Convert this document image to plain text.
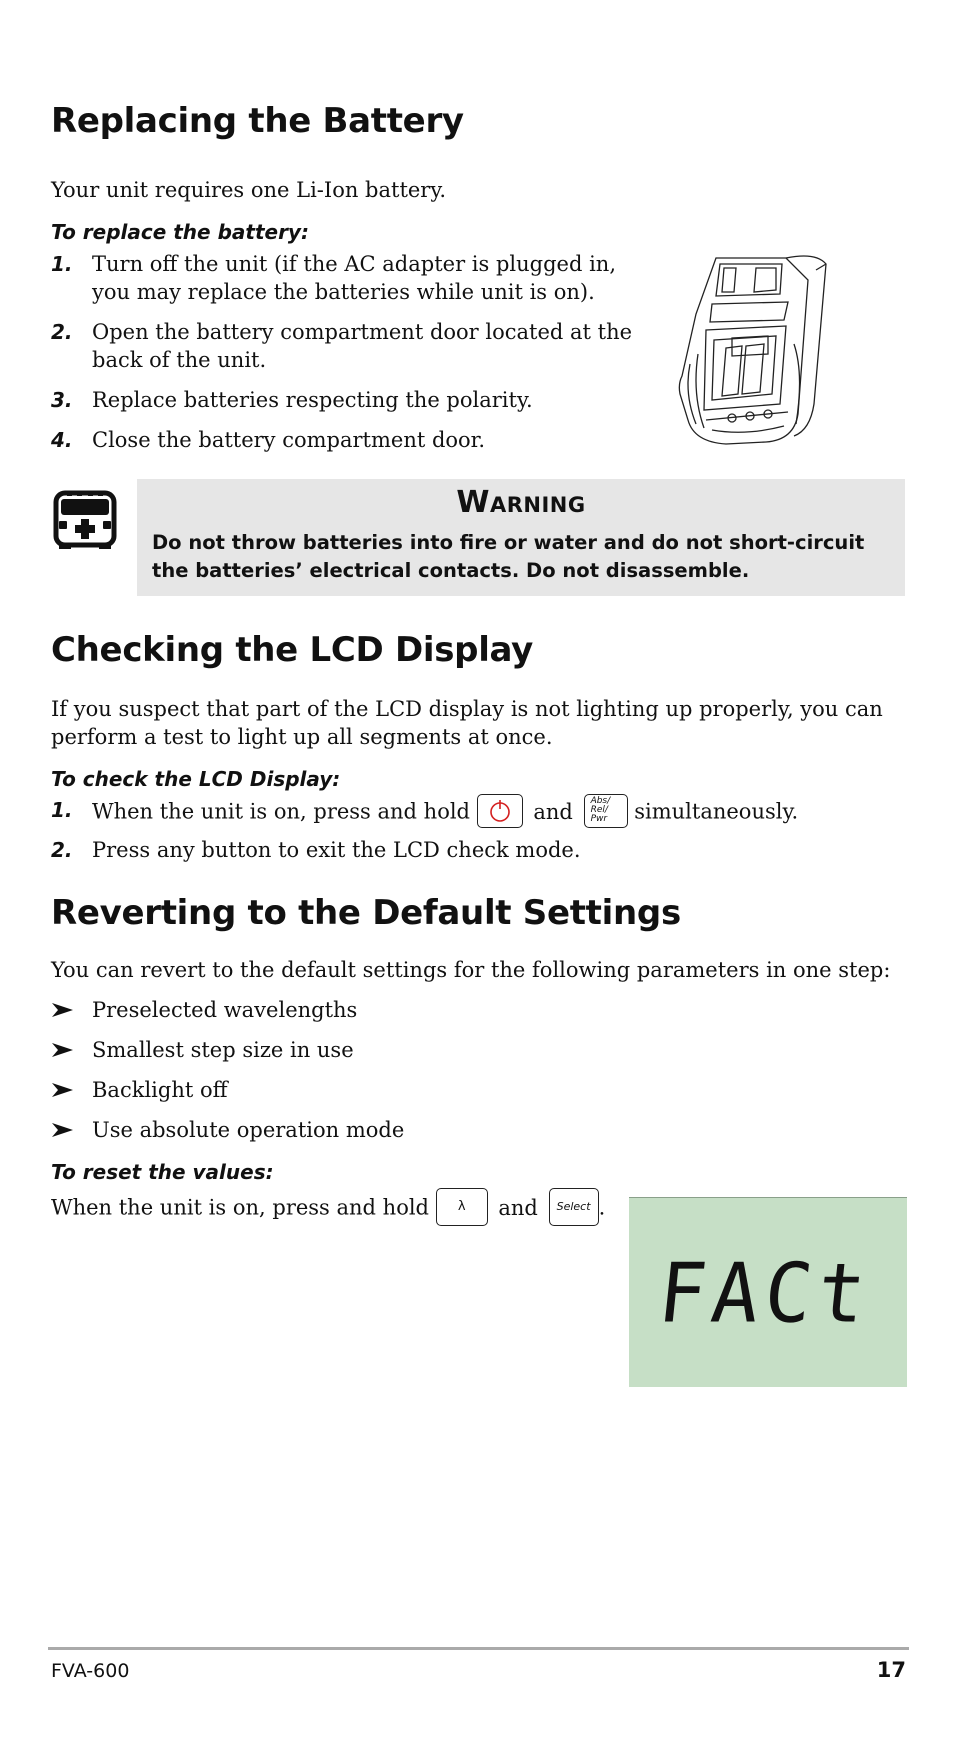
Replacing the Battery

Your unit requires one Li-Ion battery.

To replace the battery:
1. Turn off the unit (if the AC adapter is plugged in,
you may replace the batteries while unit is on).
2. Open the battery compartment door located at the
back of the unit.
3. Replace batteries respecting the polarity.
4. Close the battery compartment door.
Warning
Do not throw batteries into fire or water and do not short-circuit
the batteries’ electrical contacts. Do not disassemble.
Checking the LCD Display

If you suspect that part of the LCD display is not lighting up properly, you can

perform a test to light up all segments at once.

To check the LCD Display:
1. When the unit is on, press and hold	and Abs/
Rel/
Pwr simultaneously.
2. Press any button to exit the LCD check mode.
Reverting to the Default Settings

You can revert to the default settings for the following parameters in one step:

Preselected wavelengths
Smallest step size in use
Backlight off
Use absolute operation mode
To reset the values:

When the unit is on, press and hold λ and Select .

FACt
FVA-600	17
